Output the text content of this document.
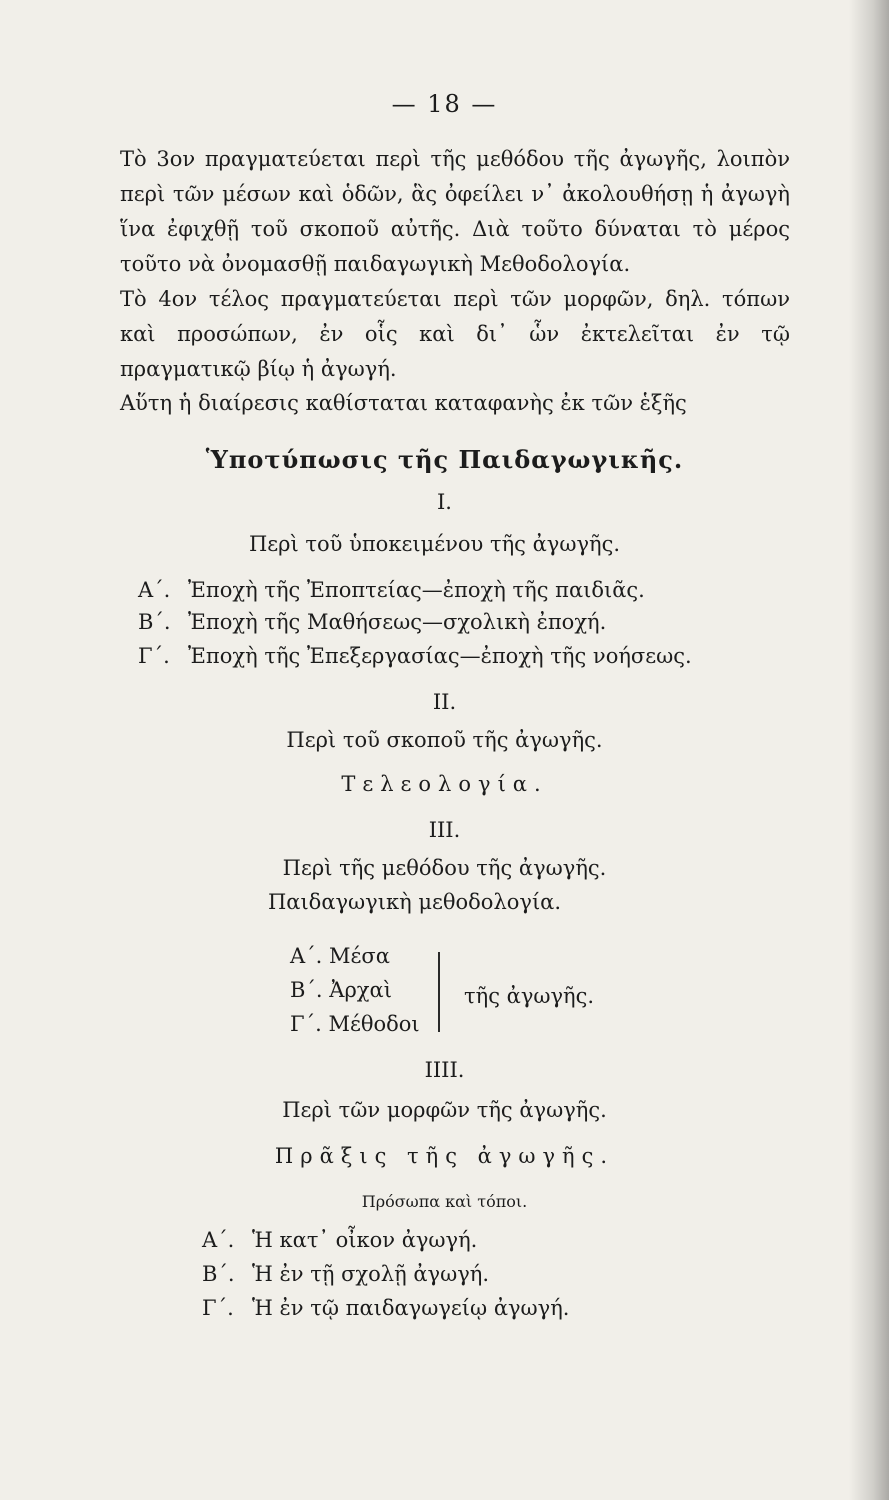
— 18 —
Τὸ 3ον πραγματεύεται περὶ τῆς μεθόδου τῆς ἀγωγῆς, λοιπὸν περὶ τῶν μέσων καὶ ὁδῶν, ἃς ὀφείλει ν᾿ ἀκολουθήσῃ ἡ ἀγωγὴ ἵνα ἐφιχθῇ τοῦ σκοποῦ αὐτῆς. Διὰ τοῦτο δύναται τὸ μέρος τοῦτο νὰ ὀνομασθῇ παιδαγωγικὴ Μεθοδολογία.
Τὸ 4ον τέλος πραγματεύεται περὶ τῶν μορφῶν, δηλ. τόπων καὶ προσώπων, ἐν οἷς καὶ δι᾿ ὧν ἐκτελεῖται ἐν τῷ πραγματικῷ βίῳ ἡ ἀγωγή.
Αὕτη ἡ διαίρεσις καθίσταται καταφανὴς ἐκ τῶν ἑξῆς
Ὑποτύπωσις τῆς Παιδαγωγικῆς.
I.
Περὶ τοῦ ὑποκειμένου τῆς ἀγωγῆς.
Α΄. Ἐποχὴ τῆς Ἐποπτείας—ἐποχὴ τῆς παιδιᾶς.
Β΄. Ἐποχὴ τῆς Μαθήσεως—σχολικὴ ἐποχή.
Γ΄. Ἐποχὴ τῆς Ἐπεξεργασίας—ἐποχὴ τῆς νοήσεως.
II.
Περὶ τοῦ σκοποῦ τῆς ἀγωγῆς.
Τελεολογία.
III.
Περὶ τῆς μεθόδου τῆς ἀγωγῆς.
Παιδαγωγικὴ μεθοδολογία.
Α΄. Μέσα
Β΄. Ἀρχαὶ
Γ΄. Μέθοδοι
τῆς ἀγωγῆς.
IIII.
Περὶ τῶν μορφῶν τῆς ἀγωγῆς.
Πρᾶξις τῆς ἀγωγῆς.
Πρόσωπα καὶ τόποι.
Α΄. Ἡ κατ᾿ οἶκον ἀγωγή.
Β΄. Ἡ ἐν τῇ σχολῇ ἀγωγή.
Γ΄. Ἡ ἐν τῷ παιδαγωγείῳ ἀγωγή.
